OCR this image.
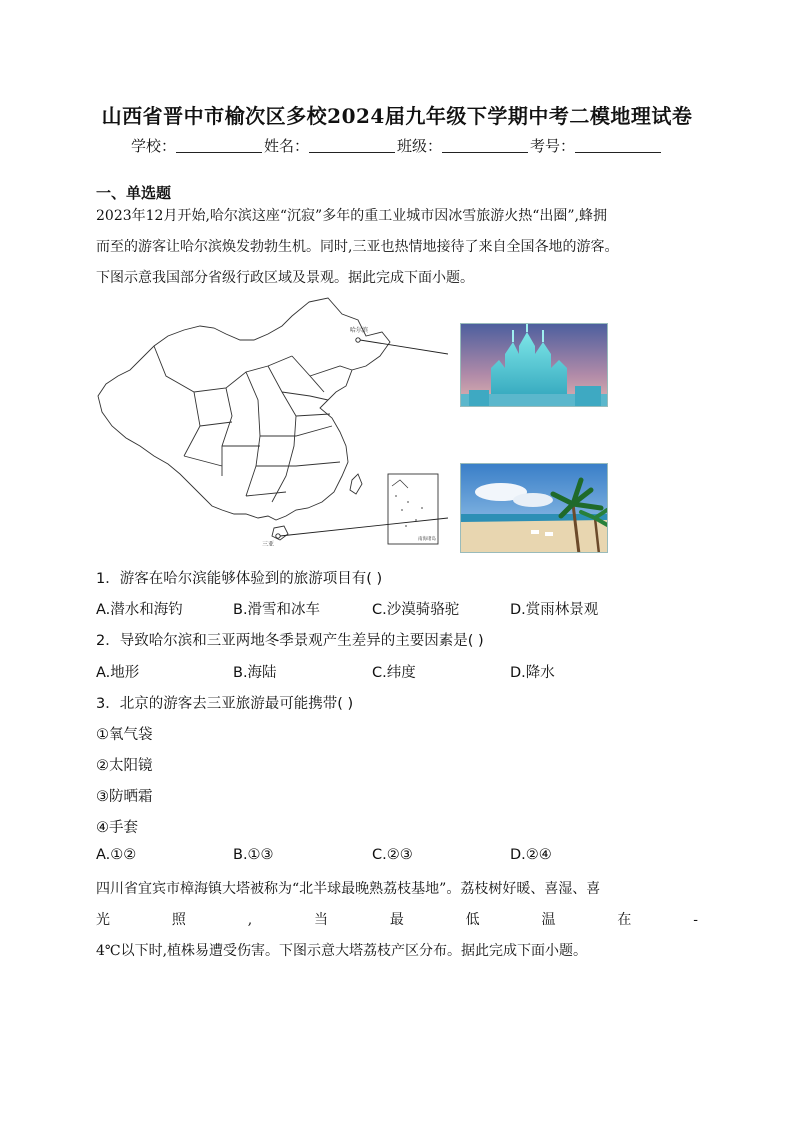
山西省晋中市榆次区多校2024届九年级下学期中考二模地理试卷
学校：	姓名：	班级：	考号：
一、单选题
2023年12月开始,哈尔滨这座“沉寂”多年的重工业城市因冰雪旅游火热“出圈”,蜂拥
而至的游客让哈尔滨焕发勃勃生机。同时,三亚也热情地接待了来自全国各地的游客。
下图示意我国部分省级行政区域及景观。据此完成下面小题。
哈尔滨
三亚
南海诸岛
1．游客在哈尔滨能够体验到的旅游项目有( )
A.潜水和海钓	B.滑雪和冰车	C.沙漠骑骆驼	D.赏雨林景观
2．导致哈尔滨和三亚两地冬季景观产生差异的主要因素是( )
A.地形	B.海陆	C.纬度	D.降水
3．北京的游客去三亚旅游最可能携带( )
①氧气袋
②太阳镜
③防晒霜
④手套
A.①②	B.①③	C.②③	D.②④
四川省宜宾市樟海镇大塔被称为“北半球最晚熟荔枝基地”。荔枝树好暖、喜湿、喜
光	照	,	当	最	低	温	在	-
4℃以下时,植株易遭受伤害。下图示意大塔荔枝产区分布。据此完成下面小题。
